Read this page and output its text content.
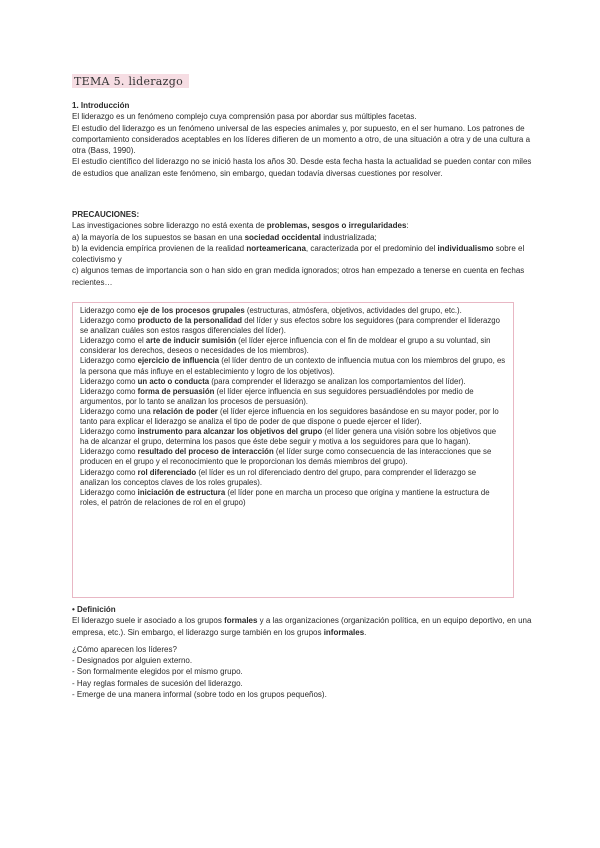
TEMA 5. liderazgo

1. Introducción

El liderazgo es un fenómeno complejo cuya comprensión pasa por abordar sus múltiples facetas.

El estudio del liderazgo es un fenómeno universal de las especies animales y, por supuesto, en el ser humano. Los patrones de comportamiento considerados aceptables en los líderes difieren de un momento a otro, de una situación a otra y de una cultura a otra (Bass, 1990).

El estudio científico del liderazgo no se inició hasta los años 30. Desde esta fecha hasta la actualidad se pueden contar con miles de estudios que analizan este fenómeno, sin embargo, quedan todavía diversas cuestiones por resolver.

PRECAUCIONES:

Las investigaciones sobre liderazgo no está exenta de problemas, sesgos o irregularidades:

a) la mayoría de los supuestos se basan en una sociedad occidental industrializada;

b) la evidencia empírica provienen de la realidad norteamericana, caracterizada por el predominio del individualismo sobre el colectivismo y

c) algunos temas de importancia son o han sido en gran medida ignorados; otros han empezado a tenerse en cuenta en fechas recientes…

Liderazgo como eje de los procesos grupales (estructuras, atmósfera, objetivos, actividades del grupo, etc.).

Liderazgo como producto de la personalidad del líder y sus efectos sobre los seguidores (para comprender el liderazgo se analizan cuáles son estos rasgos diferenciales del líder).

Liderazgo como el arte de inducir sumisión (el líder ejerce influencia con el fin de moldear el grupo a su voluntad, sin considerar los derechos, deseos o necesidades de los miembros).

Liderazgo como ejercicio de influencia (el líder dentro de un contexto de influencia mutua con los miembros del grupo, es la persona que más influye en el establecimiento y logro de los objetivos).

Liderazgo como un acto o conducta (para comprender el liderazgo se analizan los comportamientos del líder).

Liderazgo como forma de persuasión (el líder ejerce influencia en sus seguidores persuadiéndoles por medio de argumentos, por lo tanto se analizan los procesos de persuasión).

Liderazgo como una relación de poder (el líder ejerce influencia en los seguidores basándose en su mayor poder, por lo tanto para explicar el liderazgo se analiza el tipo de poder de que dispone o puede ejercer el líder).

Liderazgo como instrumento para alcanzar los objetivos del grupo (el líder genera una visión sobre los objetivos que ha de alcanzar el grupo, determina los pasos que éste debe seguir y motiva a los seguidores para que lo hagan).

Liderazgo como resultado del proceso de interacción (el líder surge como consecuencia de las interacciones que se producen en el grupo y el reconocimiento que le proporcionan los demás miembros del grupo).

Liderazgo como rol diferenciado (el líder es un rol diferenciado dentro del grupo, para comprender el liderazgo se analizan los conceptos claves de los roles grupales).

Liderazgo como iniciación de estructura (el líder pone en marcha un proceso que origina y mantiene la estructura de roles, el patrón de relaciones de rol en el grupo)

• Definición

El liderazgo suele ir asociado a los grupos formales y a las organizaciones (organización política, en un equipo deportivo, en una empresa, etc.). Sin embargo, el liderazgo surge también en los grupos informales.

¿Cómo aparecen los líderes?

- Designados por alguien externo.
- Son formalmente elegidos por el mismo grupo.
- Hay reglas formales de sucesión del liderazgo.
- Emerge de una manera informal (sobre todo en los grupos pequeños).
